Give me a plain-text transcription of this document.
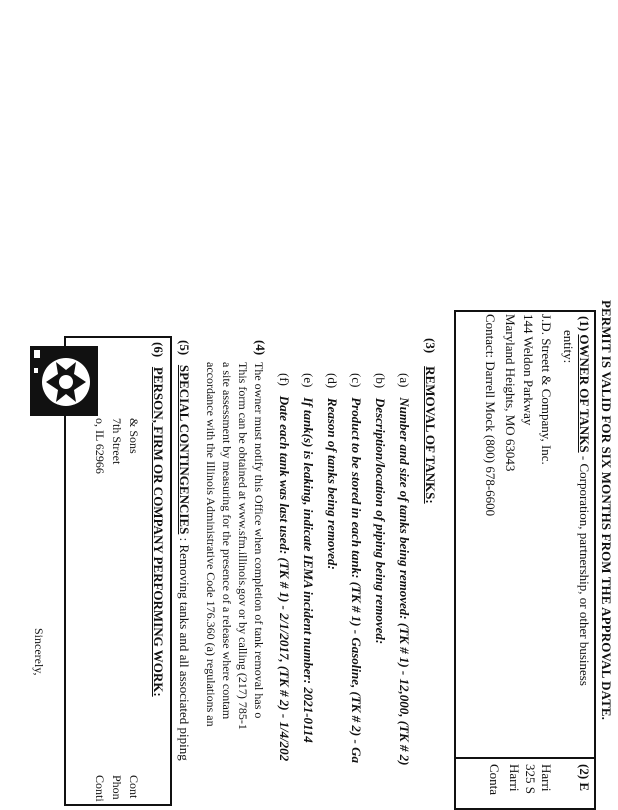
PERMIT IS VALID FOR SIX MONTHS FROM THE APPROVAL DATE.
(1) OWNER OF TANKS - Corporation, partnership, or other business
entity:
J.D. Streett & Company, Inc.
144 Weldon Parkway
Maryland Heights, MO 63043
Contact: Darrell Mock (800) 678-6600
(2) E
Harri
325 S
Harri
Conta
(3)    REMOVAL OF TANKS:
(a)   Number and size of tanks being removed: (TK # 1) - 12,000, (TK # 2)
(b)   Description/location of piping being removed:
(c)   Product to be stored in each tank: (TK # 1) - Gasoline, (TK # 2) - Ga
(d)   Reason of tanks being removed:
(e)   If tank(s) is leaking, indicate IEMA incident number: 2021-0114
(f)   Date each tank was last used: (TK # 1) - 2/1/2017, (TK # 2) - 1/4/202
(4)
The owner must notify this Office when completion of tank removal has o
This form can be obtained at www.sfm.illinois.gov or by calling (217) 785-1
a site assessment by measuring for the presence of a release where contam
accordance with the Illinois Administrative Code 176.360 (a) regulations an
(5)   SPECIAL CONTINGENCIES : Removing tanks and all associated piping
(6)   PERSON, FIRM OR COMPANY PERFORMING WORK:
& Sons
7th Street
o, IL 62966
Cont
Phon
Conti
Sincerely,
